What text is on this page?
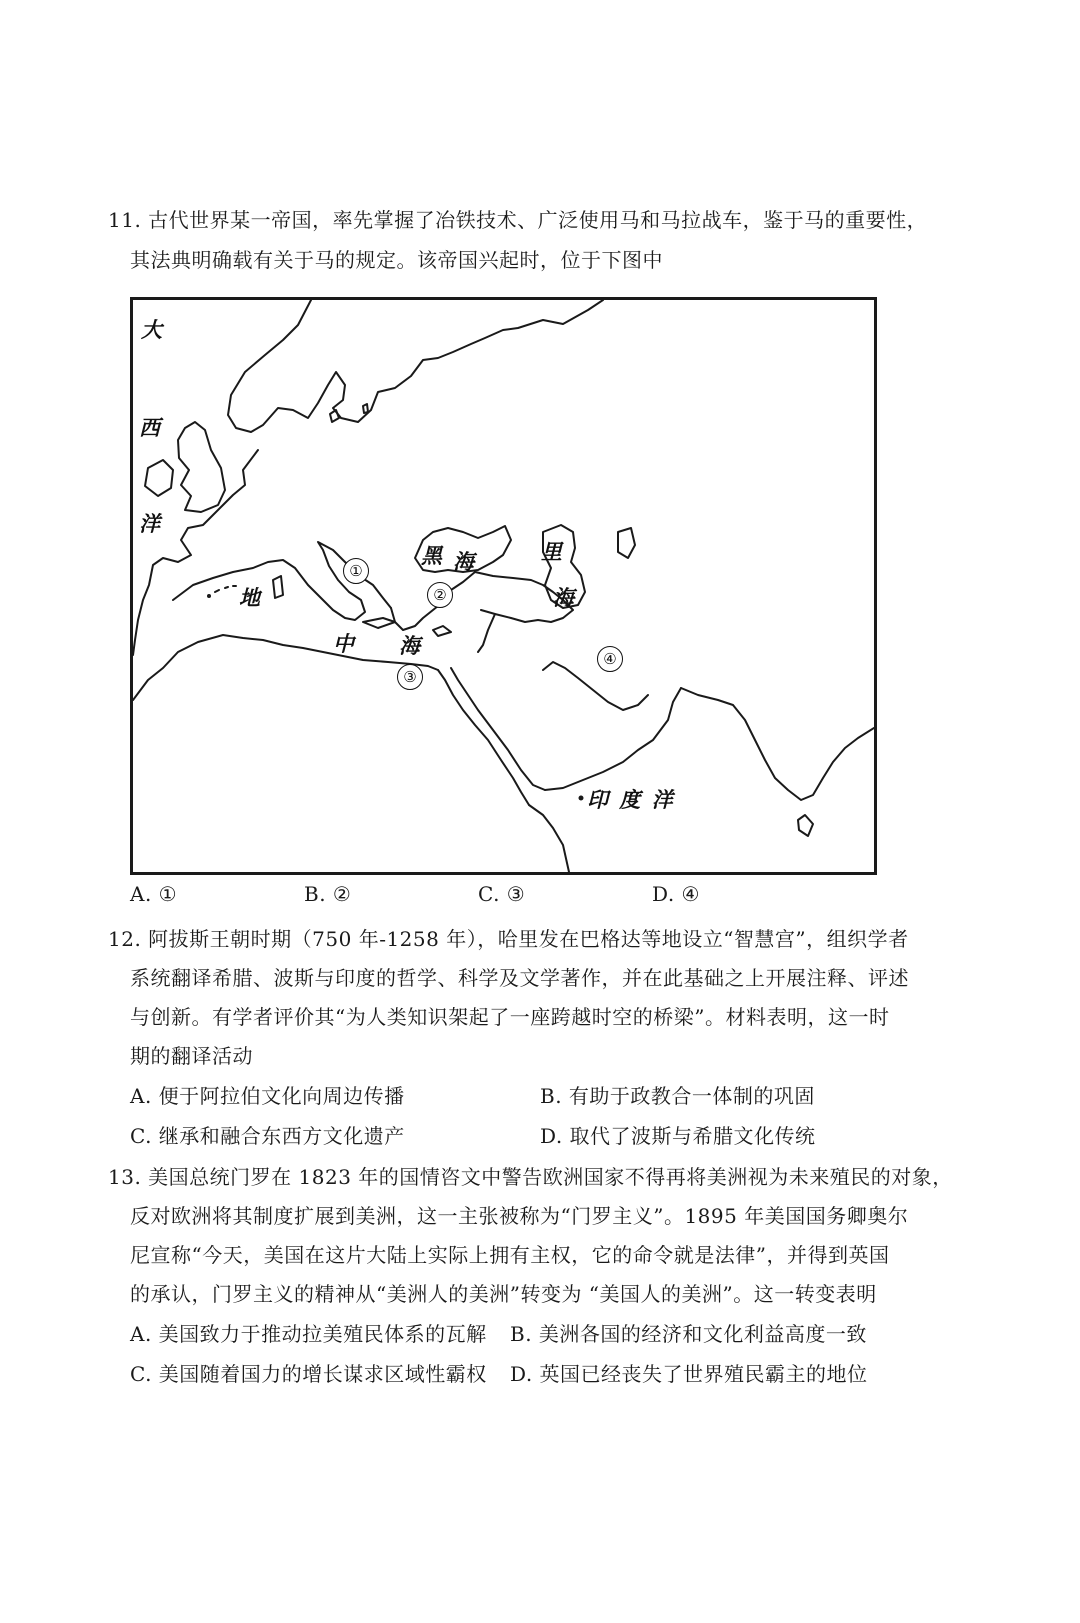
11. 古代世界某一帝国，率先掌握了冶铁技术、广泛使用马和马拉战车，鉴于马的重要性，
其法典明确载有关于马的规定。该帝国兴起时，位于下图中
大
西
洋
黑 海	里
海
地
中 海
印 度 洋
①
②
③
④
A. ①	B. ②	C. ③	D. ④
12. 阿拔斯王朝时期（750 年-1258 年），哈里发在巴格达等地设立“智慧宫”，组织学者
系统翻译希腊、波斯与印度的哲学、科学及文学著作，并在此基础之上开展注释、评述
与创新。有学者评价其“为人类知识架起了一座跨越时空的桥梁”。材料表明，这一时
期的翻译活动
A. 便于阿拉伯文化向周边传播	B. 有助于政教合一体制的巩固
C. 继承和融合东西方文化遗产	D. 取代了波斯与希腊文化传统
13. 美国总统门罗在 1823 年的国情咨文中警告欧洲国家不得再将美洲视为未来殖民的对象，
反对欧洲将其制度扩展到美洲，这一主张被称为“门罗主义”。1895 年美国国务卿奥尔
尼宣称“今天，美国在这片大陆上实际上拥有主权，它的命令就是法律”，并得到英国
的承认，门罗主义的精神从“美洲人的美洲”转变为 “美国人的美洲”。这一转变表明
A. 美国致力于推动拉美殖民体系的瓦解 B. 美洲各国的经济和文化利益高度一致
C. 美国随着国力的增长谋求区域性霸权 D. 英国已经丧失了世界殖民霸主的地位
